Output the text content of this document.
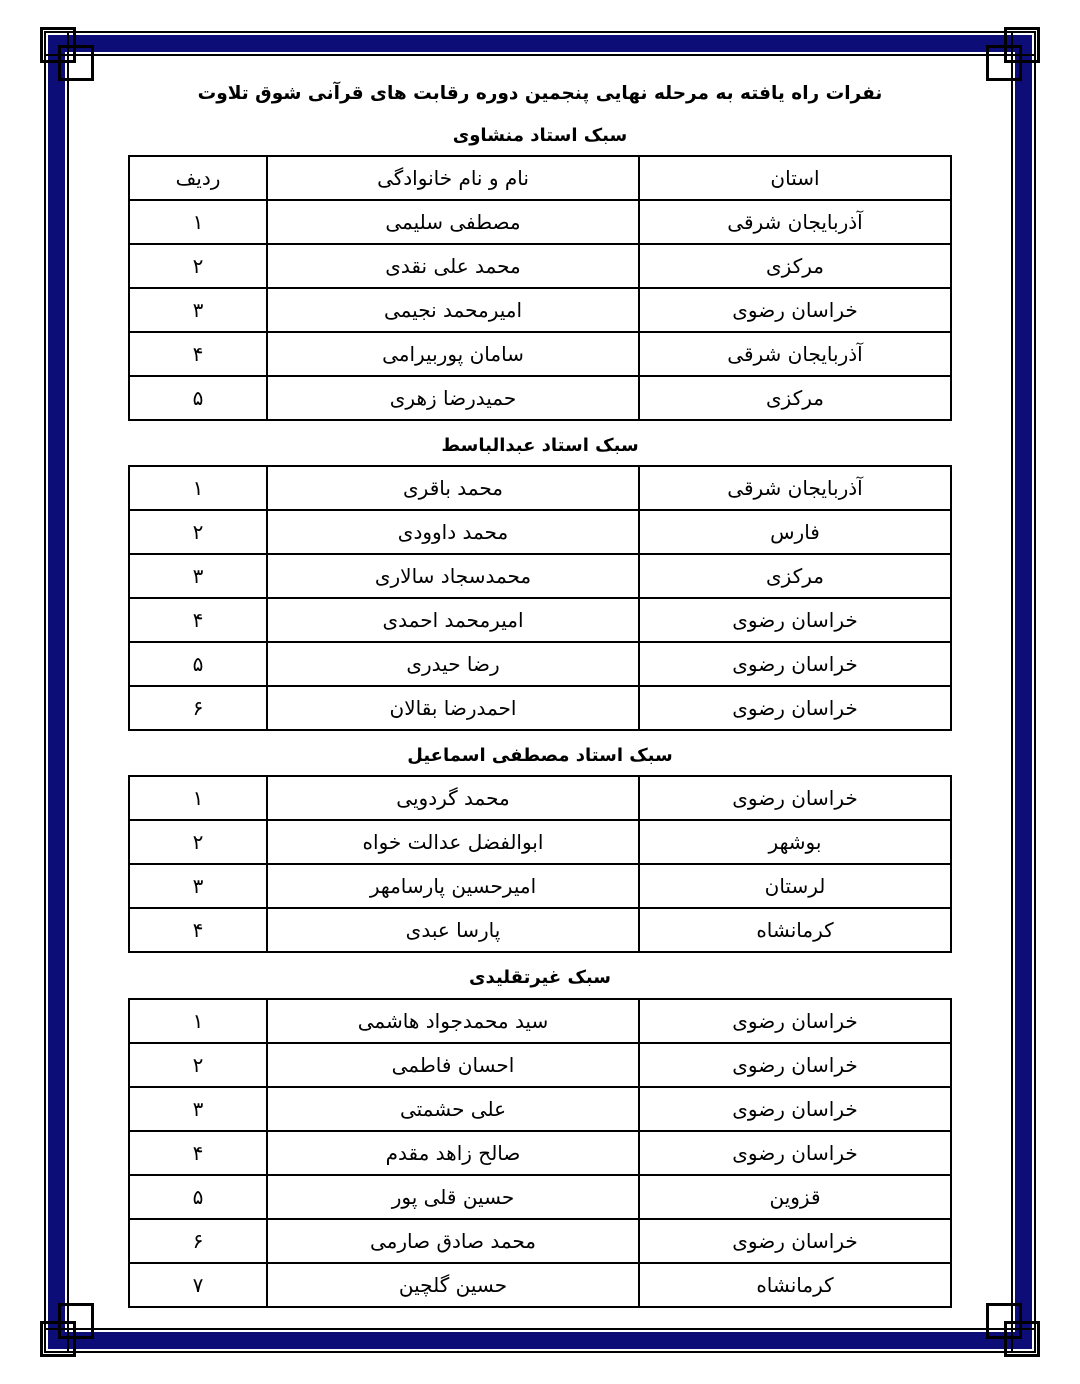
نفرات راه یافته به مرحله نهایی پنجمین دوره رقابت های قرآنی شوق تلاوت
سبک استاد منشاوی
استان	نام و نام خانوادگی	ردیف
آذربایجان شرقی	مصطفی سلیمی	۱
مرکزی	محمد علی نقدی	۲
خراسان رضوی	امیرمحمد نجیمی	۳
آذربایجان شرقی	سامان پوربیرامی	۴
مرکزی	حمیدرضا زهری	۵
سبک استاد عبدالباسط
آذربایجان شرقی	محمد باقری	۱
فارس	محمد داوودی	۲
مرکزی	محمدسجاد سالاری	۳
خراسان رضوی	امیرمحمد احمدی	۴
خراسان رضوی	رضا حیدری	۵
خراسان رضوی	احمدرضا بقالان	۶
سبک استاد مصطفی اسماعیل
خراسان رضوی	محمد گردویی	۱
بوشهر	ابوالفضل عدالت خواه	۲
لرستان	امیرحسین پارسامهر	۳
کرمانشاه	پارسا عبدی	۴
سبک غیرتقلیدی
خراسان رضوی	سید محمدجواد هاشمی	۱
خراسان رضوی	احسان فاطمی	۲
خراسان رضوی	علی حشمتی	۳
خراسان رضوی	صالح زاهد مقدم	۴
قزوین	حسین قلی پور	۵
خراسان رضوی	محمد صادق صارمی	۶
کرمانشاه	حسین گلچین	۷
